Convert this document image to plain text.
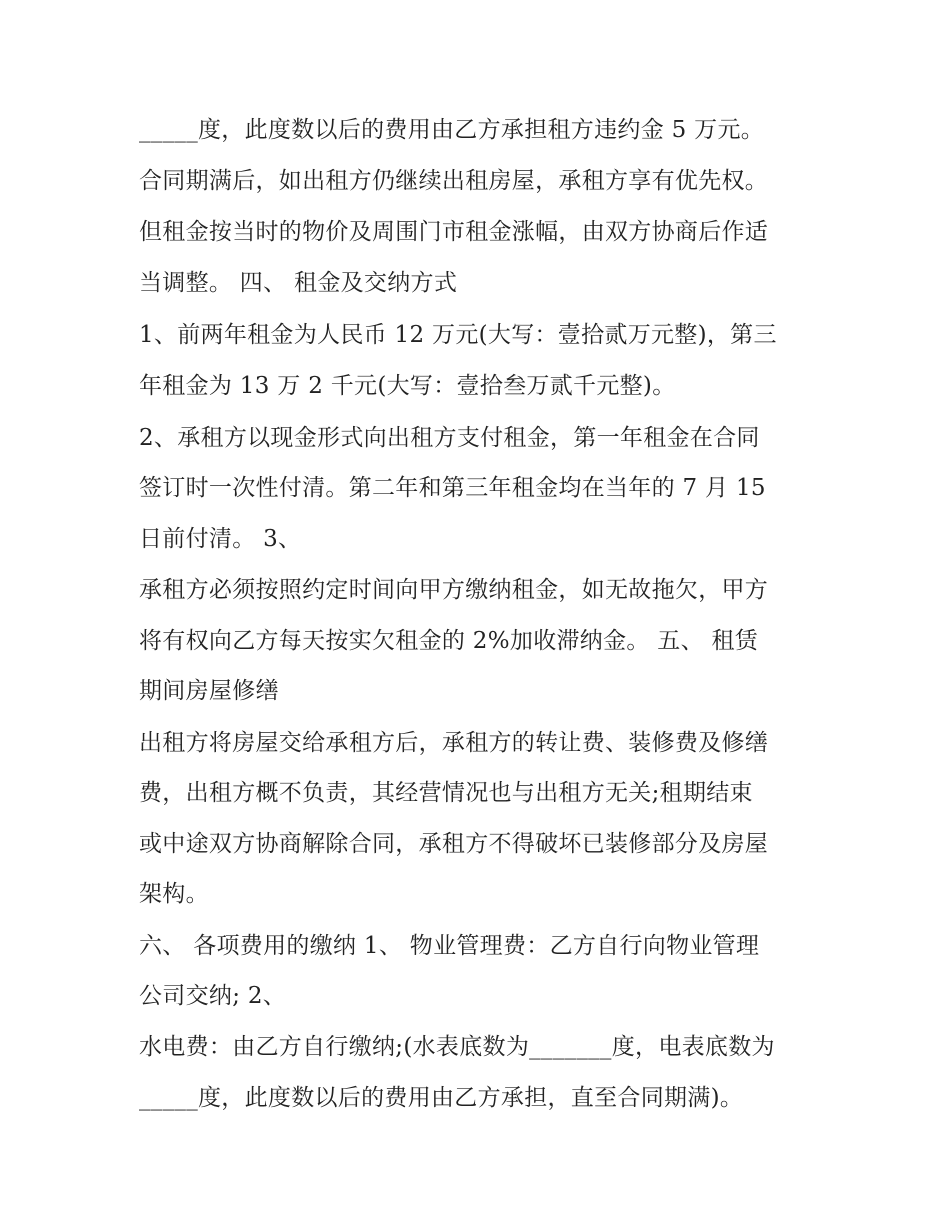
_____度，此度数以后的费用由乙方承担租方违约金 5 万元。
合同期满后，如出租方仍继续出租房屋，承租方享有优先权。
但租金按当时的物价及周围门市租金涨幅，由双方协商后作适
当调整。 四、 租金及交纳方式
1、前两年租金为人民币 12 万元(大写：壹拾贰万元整)，第三
年租金为 13 万 2 千元(大写：壹拾叁万贰千元整)。
2、承租方以现金形式向出租方支付租金，第一年租金在合同
签订时一次性付清。第二年和第三年租金均在当年的 7 月 15
日前付清。 3、
承租方必须按照约定时间向甲方缴纳租金，如无故拖欠，甲方
将有权向乙方每天按实欠租金的 2%加收滞纳金。 五、 租赁
期间房屋修缮
出租方将房屋交给承租方后，承租方的转让费、装修费及修缮
费，出租方概不负责，其经营情况也与出租方无关;租期结束
或中途双方协商解除合同，承租方不得破坏已装修部分及房屋
架构。
六、 各项费用的缴纳 1、 物业管理费：乙方自行向物业管理
公司交纳; 2、
水电费：由乙方自行缴纳;(水表底数为_______度，电表底数为
_____度，此度数以后的费用由乙方承担，直至合同期满)。
